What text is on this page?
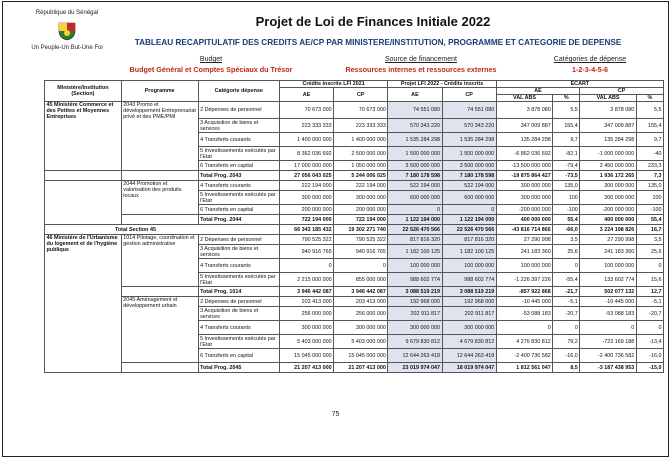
République du Sénégal
Un Peuple-Un But-Une Foi
Projet de Loi de Finances Initiale 2022
TABLEAU RECAPITULATIF DES CREDITS AE/CP PAR MINISTERE/INSTITUTION, PROGRAMME ET CATEGORIE DE DEPENSE
Budget
Budget Général et Comptes Spéciaux du Trésor
Source de financement
Ressources internes et ressources externes
Catégories de dépense
1-2-3-4-5-6
75
Ministère/Institution (Section)	Programme	Catégorie dépense	Crédits inscrits LFI 2021		Projet LFI 2022 - Crédits inscrits		ECART			
			AE	CP	AE	CP	AE		CP	
							VAL ABS	%	VAL ABS	%
45 Ministère Commerce et des Petites et Moyennes Entreprises	2043 Promo et développement Entreprenariat privé et des PME/PMI	2 Dépenses de personnel	70 673 000	70 673 000	74 551 080	74 551 080	3 878 080	5,5	3 878 080	5,5
		3 Acquisition de biens et services	223 333 333	223 333 333	570 343 220	570 343 220	347 009 887	155,4	347 009 887	155,4
		4 Transferts courants	1 400 000 000	1 400 000 000	1 535 284 298	1 535 284 298	135 284 298	9,7	135 284 298	9,7
		5 Investissements exécutés par l'Etat	8 362 036 692	2 500 000 000	1 500 000 000	1 500 000 000	-6 862 036 692	-82,1	-1 000 000 000	-40
		6 Transferts en capital	17 000 000 000	1 050 000 000	3 500 000 000	3 500 000 000	-13 500 000 000	-79,4	2 450 000 000	233,3
		Total Prog. 2043	27 056 043 025	5 244 006 025	7 180 178 598	7 180 178 598	-19 875 864 427	-73,5	1 936 172 265	7,3
	2044 Promotion et valorisation des produits locaux	4 Transferts courants	222 194 000	222 194 000	522 194 000	522 194 000	300 000 000	135,0	300 000 000	135,0
		5 Investissements exécutés par l'Etat	300 000 000	300 000 000	600 000 000	600 000 000	300 000 000	100	300 000 000	100
		6 Transferts en capital	200 000 000	200 000 000	0	0	-200 000 000	-100	-200 000 000	-100
		Total Prog. 2044	722 194 000	722 194 000	1 122 194 000	1 122 194 000	400 000 000	55,4	400 000 000	55,4
Total Section 45			66 343 185 432	19 302 271 740	22 526 470 566	22 526 470 566	-43 816 714 866	-66,0	3 224 198 826	16,7
46 Ministère de l'Urbanisme du logement et de l'hygiène publique	1014 Pilotage, coordination et gestion administrative	2 Dépenses de personnel	790 525 322	790 525 322	817 816 320	817 816 320	27 290 998	3,5	27 290 998	3,5
		3 Acquisition de biens et services	940 916 765	940 916 765	1 182 100 125	1 182 100 125	241 183 360	25,6	241 183 360	25,6
		4 Transferts courants	0	0	100 000 000	100 000 000	100 000 000	0	100 000 000	0
		5 Investissements exécutés par l'Etat	2 215 000 000	855 000 000	988 602 774	988 602 774	-1 226 397 226	-55,4	133 602 774	15,6
		Total Prog. 1014	3 946 442 087	3 946 442 087	3 088 519 219	3 088 519 219	-857 922 868	-21,7	502 077 132	12,7
	2045 Aménagement et développement urbain	2 Dépenses de personnel	203 413 000	203 413 000	192 968 000	192 968 000	-10 445 000	-5,1	-10 445 000	-5,1
		3 Acquisition de biens et services	256 000 000	256 000 000	202 911 817	202 911 817	-53 088 183	-20,7	-53 088 183	-20,7
		4 Transferts courants	300 000 000	300 000 000	300 000 000	300 000 000	0	0	0	0
		5 Investissements exécutés par l'Etat	5 403 000 000	5 403 000 000	9 679 830 812	4 679 830 812	4 276 830 812	79,2	-723 169 188	-13,4
		6 Transferts en capital	15 045 000 000	15 045 000 000	12 644 263 418	12 644 263 418	-2 400 736 582	-16,0	-2 400 736 582	-16,0
		Total Prog. 2045	21 207 413 000	21 207 413 000	23 019 974 047	18 019 974 047	1 812 561 047	8,5	-3 187 438 953	-15,0
